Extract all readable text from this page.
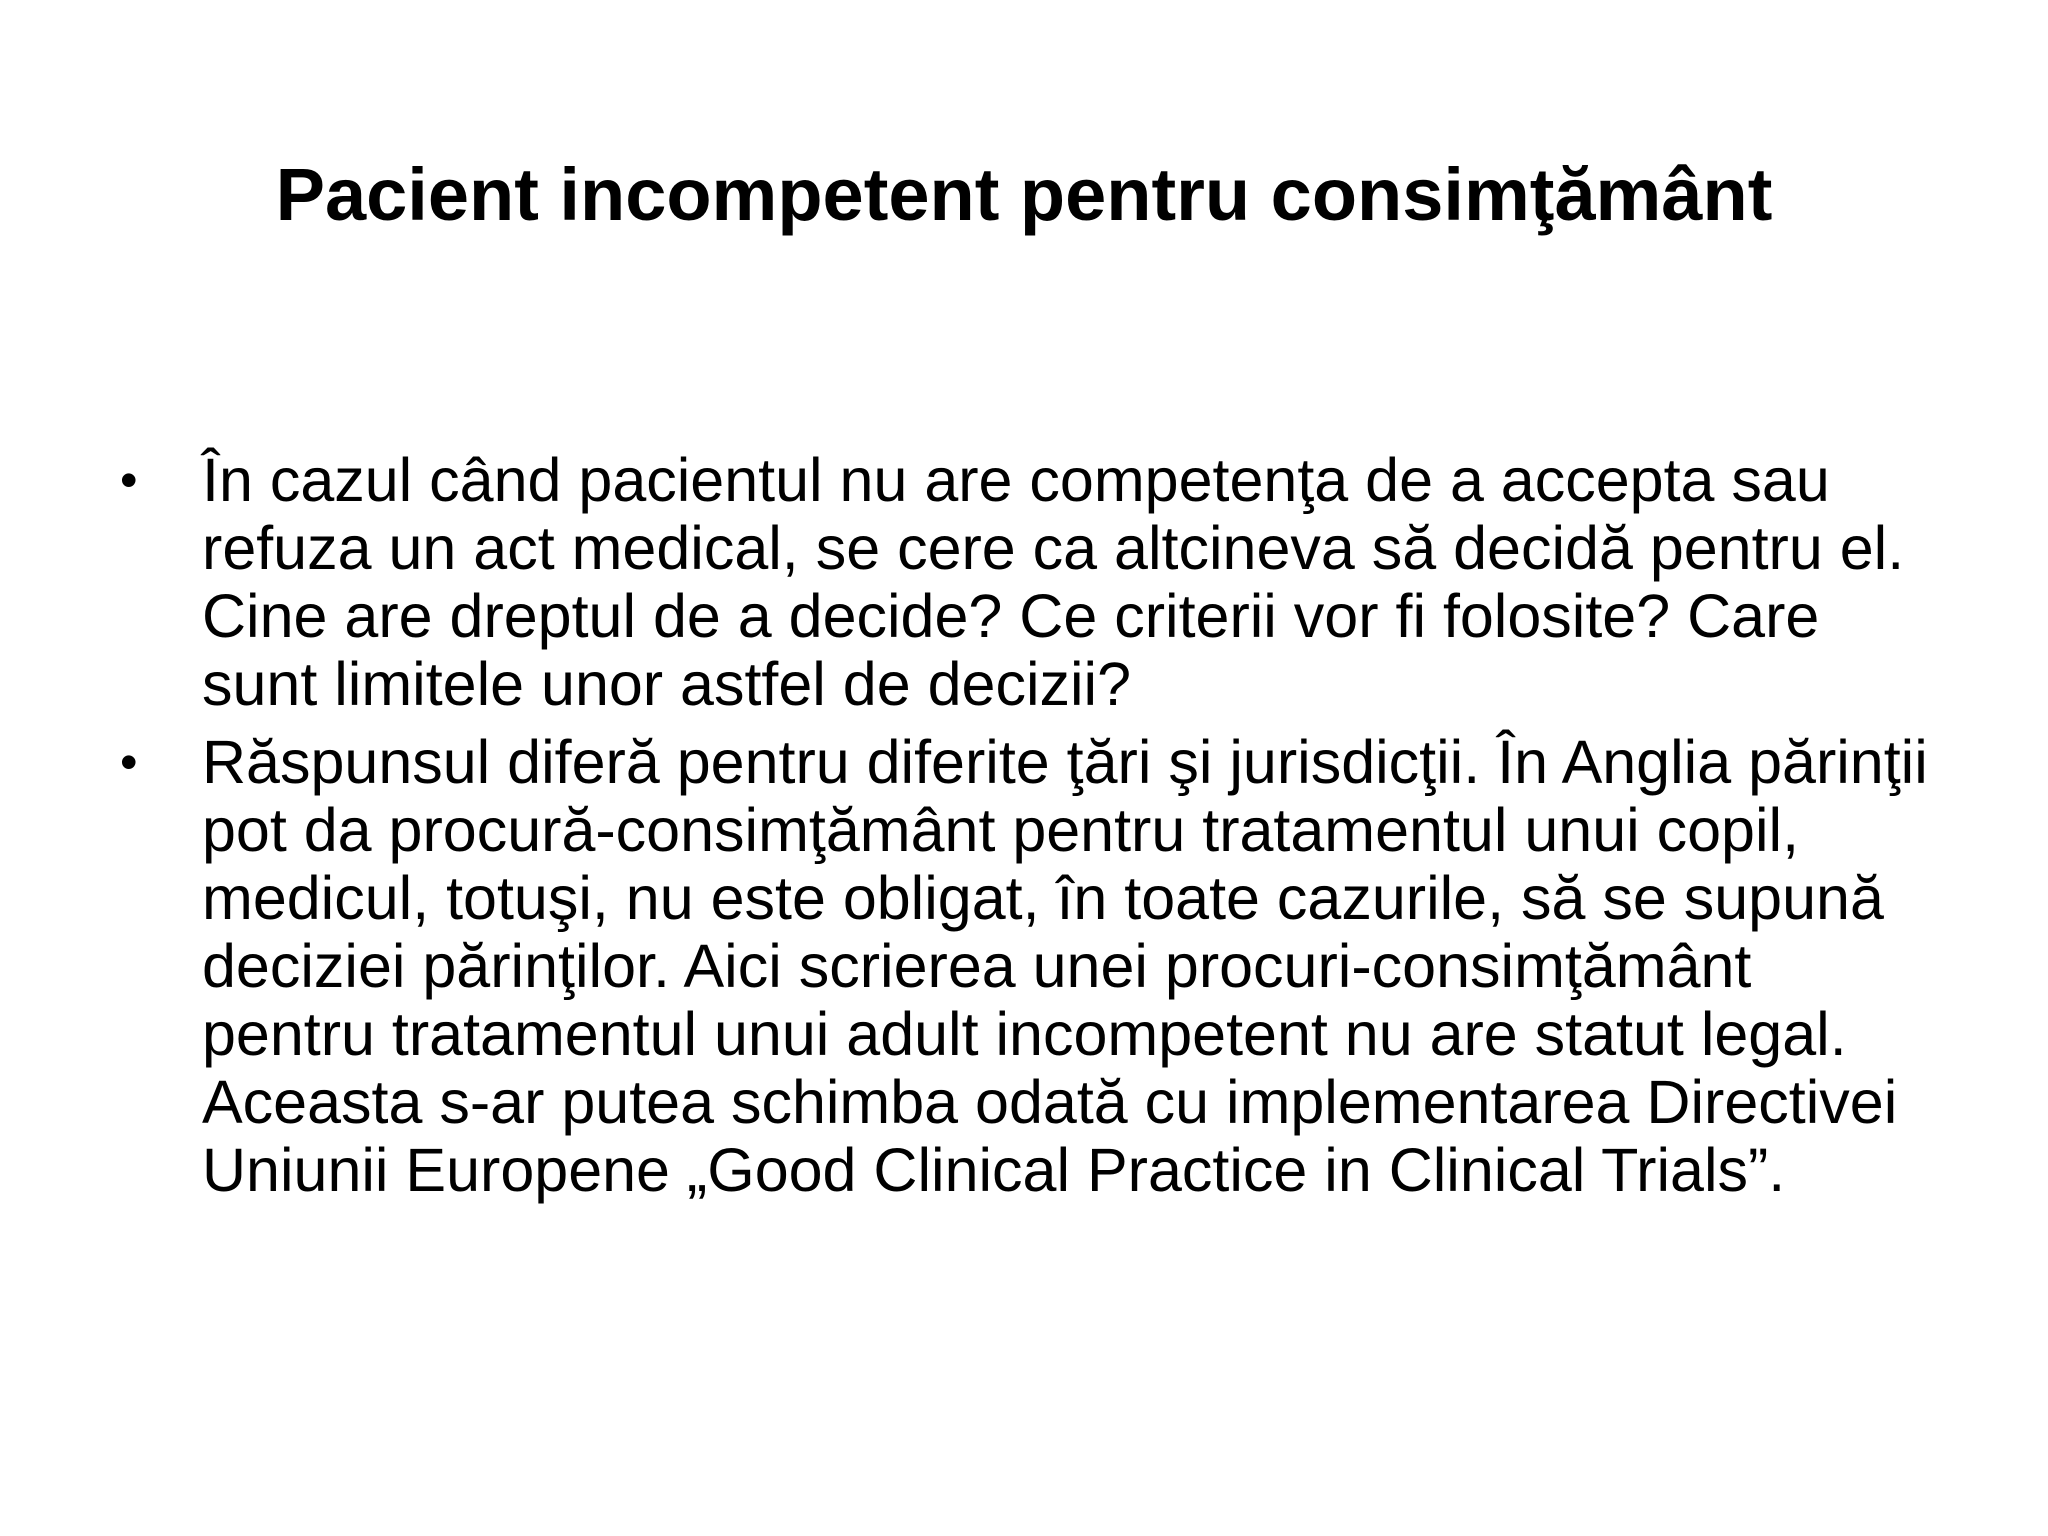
Pacient incompetent pentru consimţământ
•	În cazul când pacientul nu are competenţa de a accepta sau refuza un act medical, se cere ca altcineva să decidă pentru el. Cine are dreptul de a decide? Ce criterii vor fi folosite? Care sunt limitele unor astfel de decizii?
•	Răspunsul diferă pentru diferite ţări şi jurisdicţii. În Anglia părinţii pot da procură-consimţământ pentru tratamentul unui copil, medicul, totuşi, nu este obligat, în toate cazurile, să se supună deciziei părinţilor. Aici scrierea unei procuri-consimţământ pentru tratamentul unui adult incompetent nu are statut legal. Aceasta s-ar putea schimba odată cu implementarea Directivei Uniunii Europene „Good Clinical Practice in Clinical Trials”.
